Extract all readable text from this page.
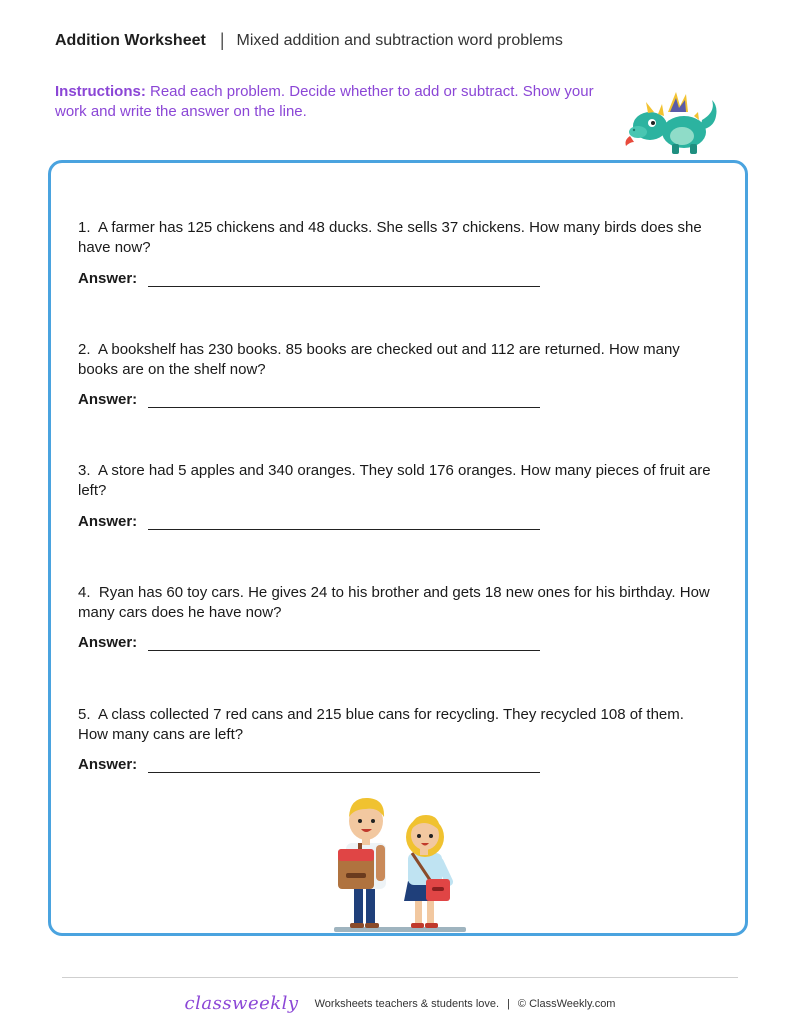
Addition Worksheet | Mixed addition and subtraction word problems
Instructions: Read each problem. Decide whether to add or subtract. Show your work and write the answer on the line.
1. A farmer has 125 chickens and 48 ducks. She sells 37 chickens. How many birds does she have now?
Answer:
2. A bookshelf has 230 books. 85 books are checked out and 112 are returned. How many books are on the shelf now?
Answer:
3. A store had 5 apples and 340 oranges. They sold 176 oranges. How many pieces of fruit are left?
Answer:
4. Ryan has 60 toy cars. He gives 24 to his brother and gets 18 new ones for his birthday. How many cars does he have now?
Answer:
5. A class collected 7 red cans and 215 blue cans for recycling. They recycled 108 of them. How many cans are left?
Answer:
classweekly Worksheets teachers & students love. | © ClassWeekly.com
